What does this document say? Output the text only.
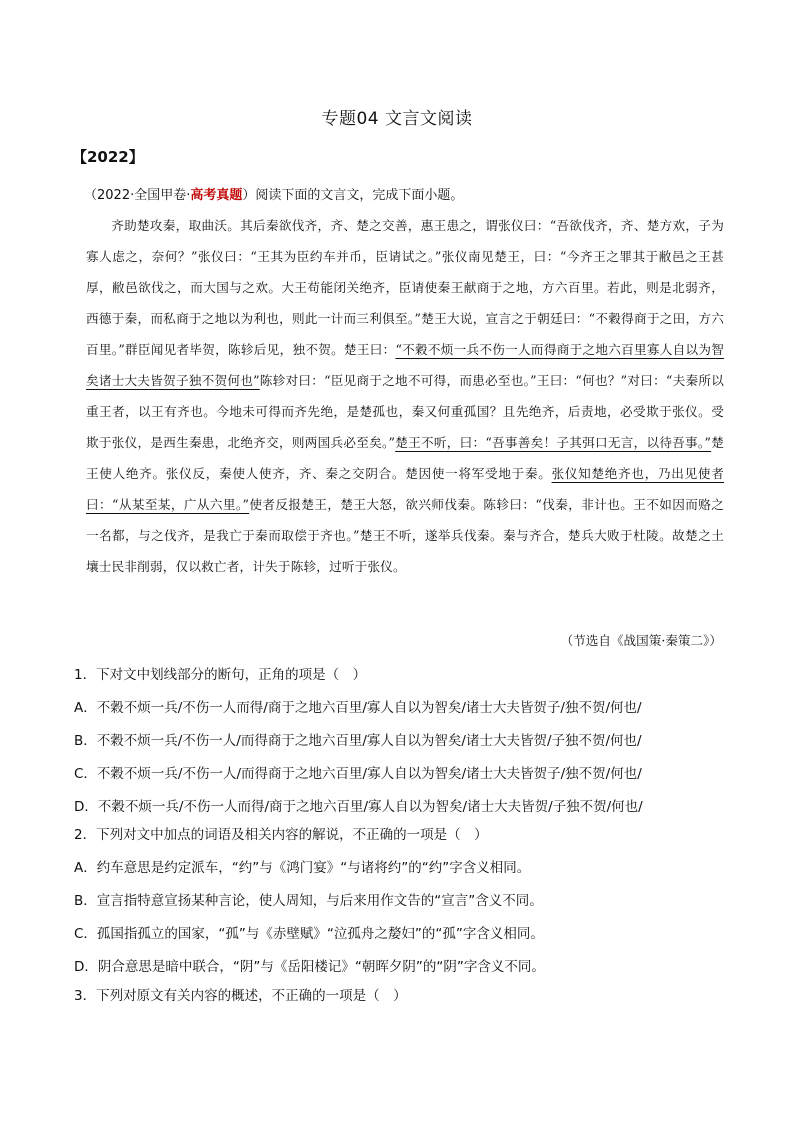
专题04 文言文阅读
【2022】
（2022·全国甲卷·高考真题）阅读下面的文言文，完成下面小题。

齐助楚攻秦，取曲沃。其后秦欲伐齐，齐、楚之交善，惠王患之，谓张仪曰：“吾欲伐齐，齐、楚方欢，子为寡人虑之，奈何？”张仪曰：“王其为臣约车并币，臣请试之。”张仪南见楚王，曰：“今齐王之罪其于敝邑之王甚厚，敝邑欲伐之，而大国与之欢。大王苟能闭关绝齐，臣请使秦王献商于之地，方六百里。若此，则是北弱齐，西德于秦，而私商于之地以为利也，则此一计而三利俱至。”楚王大说，宣言之于朝廷曰：“不穀得商于之田，方六百里。”群臣闻见者毕贺，陈轸后见，独不贺。楚王曰：“不穀不烦一兵不伤一人而得商于之地六百里寡人自以为智矣诸士大夫皆贺子独不贺何也”陈轸对曰：“臣见商于之地不可得，而患必至也。”王曰：“何也？”对曰：“夫秦所以重王者，以王有齐也。今地未可得而齐先绝，是楚孤也，秦又何重孤国？且先绝齐，后责地，必受欺于张仪。受欺于张仪，是西生秦患，北绝齐交，则两国兵必至矣。”楚王不听，曰：“吾事善矣！子其弭口无言，以待吾事。”楚王使人绝齐。张仪反，秦使人使齐，齐、秦之交阴合。楚因使一将军受地于秦。张仪知楚绝齐也，乃出见使者曰：“从某至某，广从六里。”使者反报楚王，楚王大怒，欲兴师伐秦。陈轸曰：“伐秦，非计也。王不如因而赂之一名都，与之伐齐，是我亡于秦而取偿于齐也。”楚王不听，遂举兵伐秦。秦与齐合，楚兵大败于杜陵。故楚之土壤士民非削弱，仅以救亡者，计失于陈轸，过听于张仪。

（节选自《战国策·秦策二》）
1．下对文中划线部分的断句，正角的项是（　）
A．不穀不烦一兵/不伤一人而得/商于之地六百里/寡人自以为智矣/诸士大夫皆贺子/独不贺/何也/
B．不穀不烦一兵/不伤一人/而得商于之地六百里/寡人自以为智矣/诸士大夫皆贺/子独不贺/何也/
C．不穀不烦一兵/不伤一人/而得商于之地六百里/寡人自以为智矣/诸士大夫皆贺子/独不贺/何也/
D．不穀不烦一兵/不伤一人而得/商于之地六百里/寡人自以为智矣/诸士大夫皆贺/子独不贺/何也/
2．下列对文中加点的词语及相关内容的解说，不正确的一项是（　）
A．约车意思是约定派车，“约”与《鸿门宴》“与诸将约”的“约”字含义相同。
B．宣言指特意宣扬某种言论，使人周知，与后来用作文告的“宣言”含义不同。
C．孤国指孤立的国家，“孤”与《赤壁赋》“泣孤舟之嫠妇”的“孤”字含义相同。
D．阴合意思是暗中联合，“阴”与《岳阳楼记》“朝晖夕阴”的“阴”字含义不同。
3．下列对原文有关内容的概述，不正确的一项是（　）
